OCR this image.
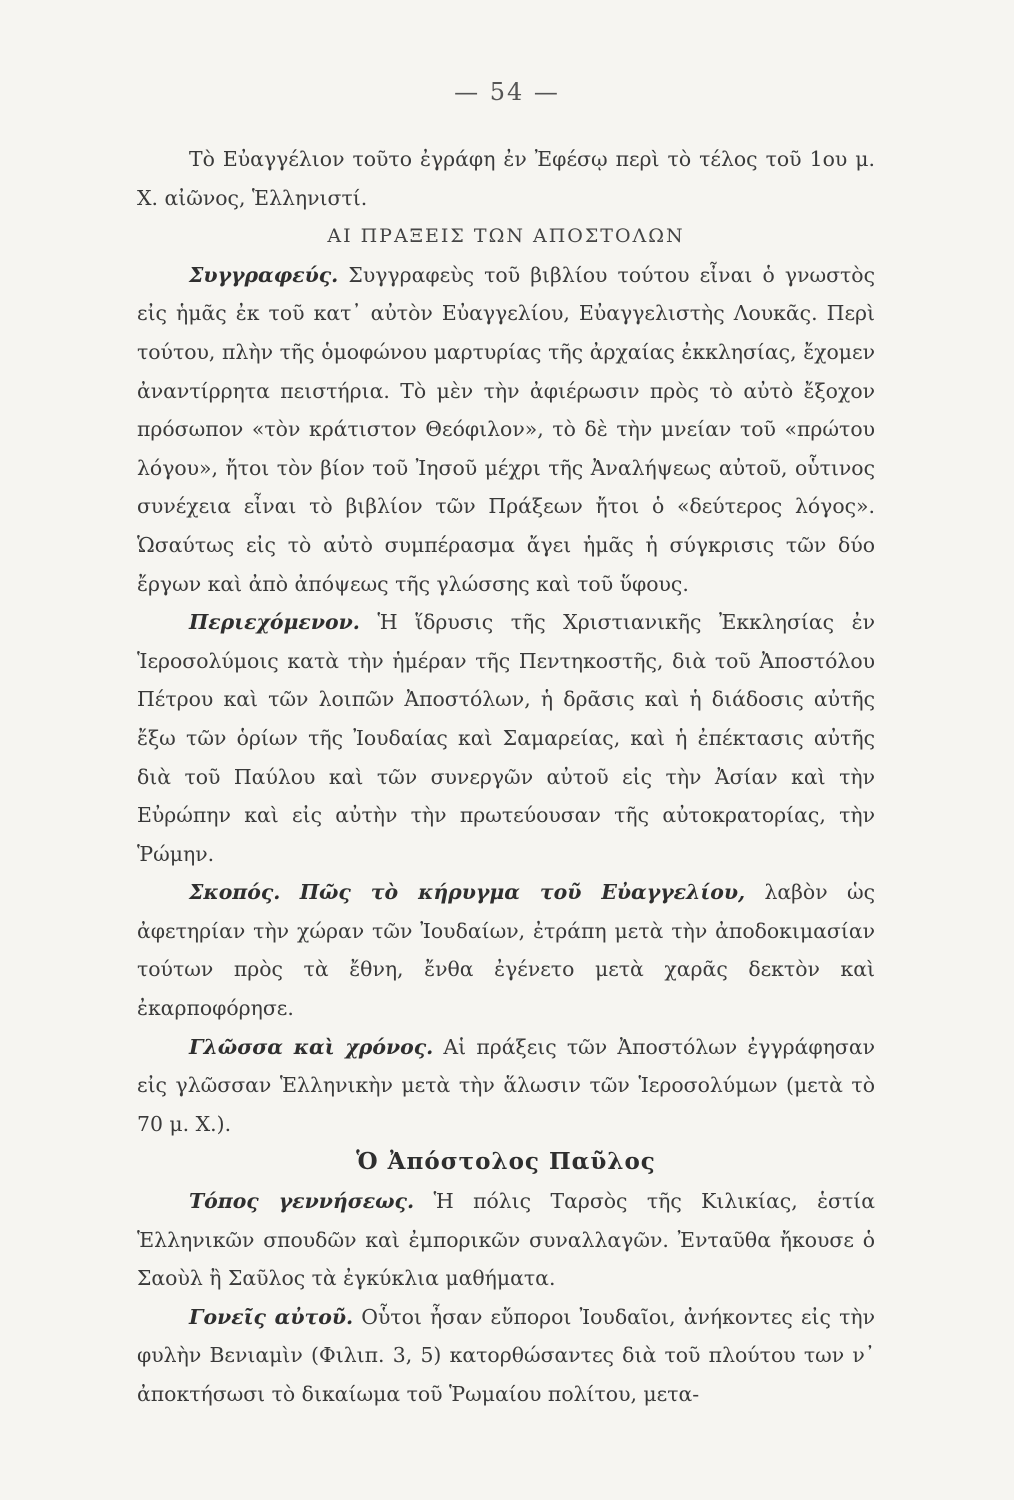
— 54 —

Τὸ Εὐαγγέλιον τοῦτο ἐγράφη ἐν Ἐφέσῳ περὶ τὸ τέλος τοῦ 1ου μ. Χ. αἰῶνος, Ἑλληνιστί.

ΑΙ ΠΡΑΞΕΙΣ ΤΩΝ ΑΠΟΣΤΟΛΩΝ

Συγγραφεύς. Συγγραφεὺς τοῦ βιβλίου τούτου εἶναι ὁ γνωστὸς εἰς ἡμᾶς ἐκ τοῦ κατ᾿ αὐτὸν Εὐαγγελίου, Εὐαγγελιστὴς Λουκᾶς. Περὶ τούτου, πλὴν τῆς ὁμοφώνου μαρτυρίας τῆς ἀρχαίας ἐκκλησίας, ἔχομεν ἀναντίρρητα πειστήρια. Τὸ μὲν τὴν ἀφιέρωσιν πρὸς τὸ αὐτὸ ἔξοχον πρόσωπον «τὸν κράτιστον Θεόφιλον», τὸ δὲ τὴν μνείαν τοῦ «πρώτου λόγου», ἤτοι τὸν βίον τοῦ Ἰησοῦ μέχρι τῆς Ἀναλήψεως αὐτοῦ, οὗτινος συνέχεια εἶναι τὸ βιβλίον τῶν Πράξεων ἤτοι ὁ «δεύτερος λόγος». Ὡσαύτως εἰς τὸ αὐτὸ συμπέρασμα ἄγει ἡμᾶς ἡ σύγκρισις τῶν δύο ἔργων καὶ ἀπὸ ἀπόψεως τῆς γλώσσης καὶ τοῦ ὕφους.

Περιεχόμενον. Ἡ ἵδρυσις τῆς Χριστιανικῆς Ἐκκλησίας ἐν Ἱεροσολύμοις κατὰ τὴν ἡμέραν τῆς Πεντηκοστῆς, διὰ τοῦ Ἀποστόλου Πέτρου καὶ τῶν λοιπῶν Ἀποστόλων, ἡ δρᾶσις καὶ ἡ διάδοσις αὐτῆς ἔξω τῶν ὁρίων τῆς Ἰουδαίας καὶ Σαμαρείας, καὶ ἡ ἐπέκτασις αὐτῆς διὰ τοῦ Παύλου καὶ τῶν συνεργῶν αὐτοῦ εἰς τὴν Ἀσίαν καὶ τὴν Εὐρώπην καὶ εἰς αὐτὴν τὴν πρωτεύουσαν τῆς αὐτοκρατορίας, τὴν Ῥώμην.

Σκοπός. Πῶς τὸ κήρυγμα τοῦ Εὐαγγελίου, λαβὸν ὡς ἀφετηρίαν τὴν χώραν τῶν Ἰουδαίων, ἐτράπη μετὰ τὴν ἀποδοκιμασίαν τούτων πρὸς τὰ ἔθνη, ἔνθα ἐγένετο μετὰ χαρᾶς δεκτὸν καὶ ἐκαρποφόρησε.

Γλῶσσα καὶ χρόνος. Αἱ πράξεις τῶν Ἀποστόλων ἐγγράφησαν εἰς γλῶσσαν Ἑλληνικὴν μετὰ τὴν ἅλωσιν τῶν Ἱεροσολύμων (μετὰ τὸ 70 μ. Χ.).

Ὁ Ἀπόστολος Παῦλος

Τόπος γεννήσεως. Ἡ πόλις Ταρσὸς τῆς Κιλικίας, ἑστία Ἑλληνικῶν σπουδῶν καὶ ἐμπορικῶν συναλλαγῶν. Ἐνταῦθα ἤκουσε ὁ Σαοὺλ ἢ Σαῦλος τὰ ἐγκύκλια μαθήματα.

Γονεῖς αὐτοῦ. Οὗτοι ἦσαν εὔποροι Ἰουδαῖοι, ἀνήκοντες εἰς τὴν φυλὴν Βενιαμὶν (Φιλιπ. 3, 5) κατορθώσαντες διὰ τοῦ πλούτου των ν᾿ ἀποκτήσωσι τὸ δικαίωμα τοῦ Ῥωμαίου πολίτου, μετα-
